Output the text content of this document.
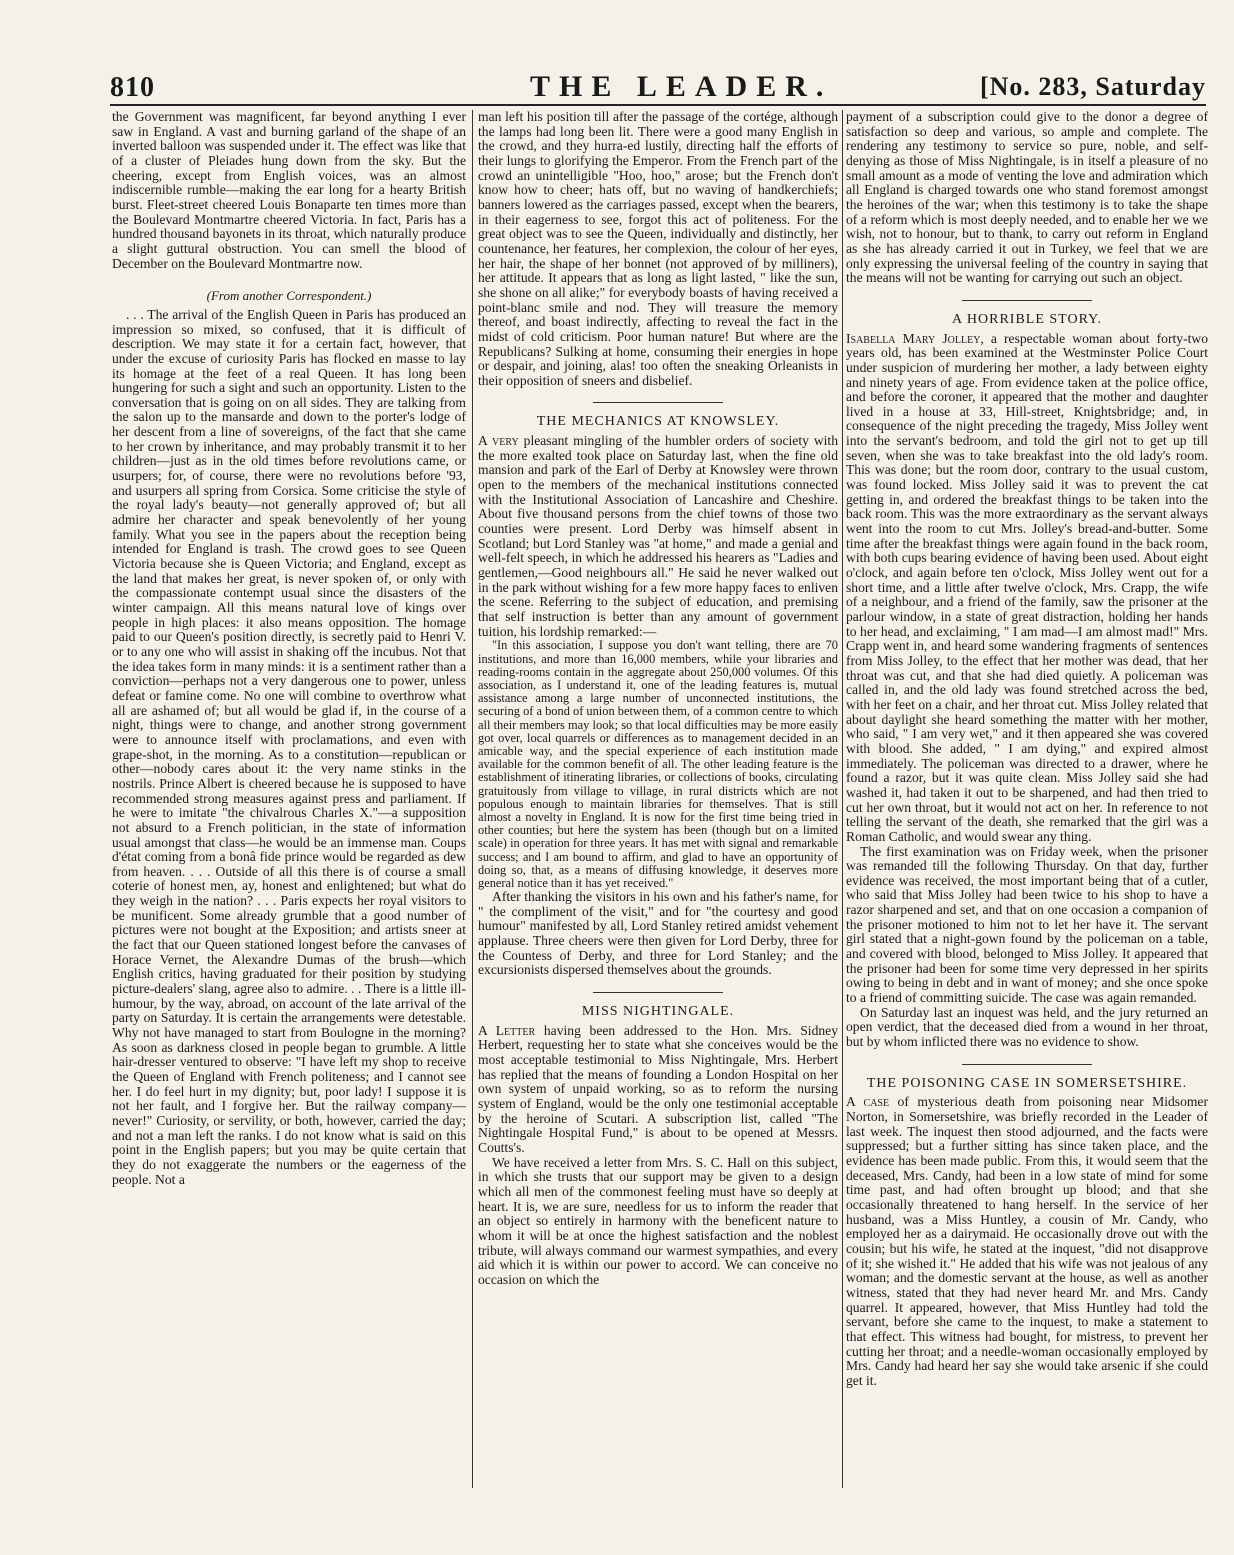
810	THE LEADER.	[No. 283, Saturday

the Government was magnificent, far beyond anything I ever saw in England. A vast and burning garland of the shape of an inverted balloon was suspended under it. The effect was like that of a cluster of Pleiades hung down from the sky. But the cheering, except from English voices, was an almost indiscernible rumble—making the ear long for a hearty British burst. Fleet-street cheered Louis Bonaparte ten times more than the Boulevard Montmartre cheered Victoria. In fact, Paris has a hundred thousand bayonets in its throat, which naturally produce a slight guttural obstruction. You can smell the blood of December on the Boulevard Montmartre now.

(From another Correspondent.)

. . . The arrival of the English Queen in Paris has produced an impression so mixed, so confused, that it is difficult of description. We may state it for a certain fact, however, that under the excuse of curiosity Paris has flocked en masse to lay its homage at the feet of a real Queen. It has long been hungering for such a sight and such an opportunity. Listen to the conversation that is going on on all sides. They are talking from the salon up to the mansarde and down to the porter's lodge of her descent from a line of sovereigns, of the fact that she came to her crown by inheritance, and may probably transmit it to her children—just as in the old times before revolutions came, or usurpers; for, of course, there were no revolutions before '93, and usurpers all spring from Corsica. Some criticise the style of the royal lady's beauty—not generally approved of; but all admire her character and speak benevolently of her young family. What you see in the papers about the reception being intended for England is trash. The crowd goes to see Queen Victoria because she is Queen Victoria; and England, except as the land that makes her great, is never spoken of, or only with the compassionate contempt usual since the disasters of the winter campaign. All this means natural love of kings over people in high places: it also means opposition. The homage paid to our Queen's position directly, is secretly paid to Henri V. or to any one who will assist in shaking off the incubus. Not that the idea takes form in many minds: it is a sentiment rather than a conviction—perhaps not a very dangerous one to power, unless defeat or famine come. No one will combine to overthrow what all are ashamed of; but all would be glad if, in the course of a night, things were to change, and another strong government were to announce itself with proclamations, and even with grape-shot, in the morning. As to a constitution—republican or other—nobody cares about it: the very name stinks in the nostrils. Prince Albert is cheered because he is supposed to have recommended strong measures against press and parliament. If he were to imitate "the chivalrous Charles X."—a supposition not absurd to a French politician, in the state of information usual amongst that class—he would be an immense man. Coups d'état coming from a bonâ fide prince would be regarded as dew from heaven. . . . Outside of all this there is of course a small coterie of honest men, ay, honest and enlightened; but what do they weigh in the nation? . . . Paris expects her royal visitors to be munificent. Some already grumble that a good number of pictures were not bought at the Exposition; and artists sneer at the fact that our Queen stationed longest before the canvases of Horace Vernet, the Alexandre Dumas of the brush—which English critics, having graduated for their position by studying picture-dealers' slang, agree also to admire. . . There is a little ill-humour, by the way, abroad, on account of the late arrival of the party on Saturday. It is certain the arrangements were detestable. Why not have managed to start from Boulogne in the morning? As soon as darkness closed in people began to grumble. A little hair-dresser ventured to observe: "I have left my shop to receive the Queen of England with French politeness; and I cannot see her. I do feel hurt in my dignity; but, poor lady! I suppose it is not her fault, and I forgive her. But the railway company—never!" Curiosity, or servility, or both, however, carried the day; and not a man left the ranks. I do not know what is said on this point in the English papers; but you may be quite certain that they do not exaggerate the numbers or the eagerness of the people. Not a

man left his position till after the passage of the cortége, although the lamps had long been lit. There were a good many English in the crowd, and they hurra-ed lustily, directing half the efforts of their lungs to glorifying the Emperor. From the French part of the crowd an unintelligible "Hoo, hoo," arose; but the French don't know how to cheer; hats off, but no waving of handkerchiefs; banners lowered as the carriages passed, except when the bearers, in their eagerness to see, forgot this act of politeness. For the great object was to see the Queen, individually and distinctly, her countenance, her features, her complexion, the colour of her eyes, her hair, the shape of her bonnet (not approved of by milliners), her attitude. It appears that as long as light lasted, " like the sun, she shone on all alike;" for everybody boasts of having received a point-blanc smile and nod. They will treasure the memory thereof, and boast indirectly, affecting to reveal the fact in the midst of cold criticism. Poor human nature! But where are the Republicans? Sulking at home, consuming their energies in hope or despair, and joining, alas! too often the sneaking Orleanists in their opposition of sneers and disbelief.

THE MECHANICS AT KNOWSLEY.

A very pleasant mingling of the humbler orders of society with the more exalted took place on Saturday last, when the fine old mansion and park of the Earl of Derby at Knowsley were thrown open to the members of the mechanical institutions connected with the Institutional Association of Lancashire and Cheshire. About five thousand persons from the chief towns of those two counties were present. Lord Derby was himself absent in Scotland; but Lord Stanley was "at home," and made a genial and well-felt speech, in which he addressed his hearers as "Ladies and gentlemen,—Good neighbours all." He said he never walked out in the park without wishing for a few more happy faces to enliven the scene. Referring to the subject of education, and premising that self instruction is better than any amount of government tuition, his lordship remarked:—

"In this association, I suppose you don't want telling, there are 70 institutions, and more than 16,000 members, while your libraries and reading-rooms contain in the aggregate about 250,000 volumes. Of this association, as I understand it, one of the leading features is, mutual assistance among a large number of unconnected institutions, the securing of a bond of union between them, of a common centre to which all their members may look; so that local difficulties may be more easily got over, local quarrels or differences as to management decided in an amicable way, and the special experience of each institution made available for the common benefit of all. The other leading feature is the establishment of itinerating libraries, or collections of books, circulating gratuitously from village to village, in rural districts which are not populous enough to maintain libraries for themselves. That is still almost a novelty in England. It is now for the first time being tried in other counties; but here the system has been (though but on a limited scale) in operation for three years. It has met with signal and remarkable success; and I am bound to affirm, and glad to have an opportunity of doing so, that, as a means of diffusing knowledge, it deserves more general notice than it has yet received."

After thanking the visitors in his own and his father's name, for " the compliment of the visit," and for "the courtesy and good humour" manifested by all, Lord Stanley retired amidst vehement applause. Three cheers were then given for Lord Derby, three for the Countess of Derby, and three for Lord Stanley; and the excursionists dispersed themselves about the grounds.

MISS NIGHTINGALE.

A Letter having been addressed to the Hon. Mrs. Sidney Herbert, requesting her to state what she conceives would be the most acceptable testimonial to Miss Nightingale, Mrs. Herbert has replied that the means of founding a London Hospital on her own system of unpaid working, so as to reform the nursing system of England, would be the only one testimonial acceptable by the heroine of Scutari. A subscription list, called "The Nightingale Hospital Fund," is about to be opened at Messrs. Coutts's.

We have received a letter from Mrs. S. C. Hall on this subject, in which she trusts that our support may be given to a design which all men of the commonest feeling must have so deeply at heart. It is, we are sure, needless for us to inform the reader that an object so entirely in harmony with the beneficent nature to whom it will be at once the highest satisfaction and the noblest tribute, will always command our warmest sympathies, and every aid which it is within our power to accord. We can conceive no occasion on which the

payment of a subscription could give to the donor a degree of satisfaction so deep and various, so ample and complete. The rendering any testimony to service so pure, noble, and self-denying as those of Miss Nightingale, is in itself a pleasure of no small amount as a mode of venting the love and admiration which all England is charged towards one who stand foremost amongst the heroines of the war; when this testimony is to take the shape of a reform which is most deeply needed, and to enable her we we wish, not to honour, but to thank, to carry out reform in England as she has already carried it out in Turkey, we feel that we are only expressing the universal feeling of the country in saying that the means will not be wanting for carrying out such an object.

A HORRIBLE STORY.

Isabella Mary Jolley, a respectable woman about forty-two years old, has been examined at the Westminster Police Court under suspicion of murdering her mother, a lady between eighty and ninety years of age. From evidence taken at the police office, and before the coroner, it appeared that the mother and daughter lived in a house at 33, Hill-street, Knightsbridge; and, in consequence of the night preceding the tragedy, Miss Jolley went into the servant's bedroom, and told the girl not to get up till seven, when she was to take breakfast into the old lady's room. This was done; but the room door, contrary to the usual custom, was found locked. Miss Jolley said it was to prevent the cat getting in, and ordered the breakfast things to be taken into the back room. This was the more extraordinary as the servant always went into the room to cut Mrs. Jolley's bread-and-butter. Some time after the breakfast things were again found in the back room, with both cups bearing evidence of having been used. About eight o'clock, and again before ten o'clock, Miss Jolley went out for a short time, and a little after twelve o'clock, Mrs. Crapp, the wife of a neighbour, and a friend of the family, saw the prisoner at the parlour window, in a state of great distraction, holding her hands to her head, and exclaiming, " I am mad—I am almost mad!" Mrs. Crapp went in, and heard some wandering fragments of sentences from Miss Jolley, to the effect that her mother was dead, that her throat was cut, and that she had died quietly. A policeman was called in, and the old lady was found stretched across the bed, with her feet on a chair, and her throat cut. Miss Jolley related that about daylight she heard something the matter with her mother, who said, " I am very wet," and it then appeared she was covered with blood. She added, " I am dying," and expired almost immediately. The policeman was directed to a drawer, where he found a razor, but it was quite clean. Miss Jolley said she had washed it, had taken it out to be sharpened, and had then tried to cut her own throat, but it would not act on her. In reference to not telling the servant of the death, she remarked that the girl was a Roman Catholic, and would swear any thing.

The first examination was on Friday week, when the prisoner was remanded till the following Thursday. On that day, further evidence was received, the most important being that of a cutler, who said that Miss Jolley had been twice to his shop to have a razor sharpened and set, and that on one occasion a companion of the prisoner motioned to him not to let her have it. The servant girl stated that a night-gown found by the policeman on a table, and covered with blood, belonged to Miss Jolley. It appeared that the prisoner had been for some time very depressed in her spirits owing to being in debt and in want of money; and she once spoke to a friend of committing suicide. The case was again remanded.

On Saturday last an inquest was held, and the jury returned an open verdict, that the deceased died from a wound in her throat, but by whom inflicted there was no evidence to show.

THE POISONING CASE IN SOMERSETSHIRE.

A case of mysterious death from poisoning near Midsomer Norton, in Somersetshire, was briefly recorded in the Leader of last week. The inquest then stood adjourned, and the facts were suppressed; but a further sitting has since taken place, and the evidence has been made public. From this, it would seem that the deceased, Mrs. Candy, had been in a low state of mind for some time past, and had often brought up blood; and that she occasionally threatened to hang herself. In the service of her husband, was a Miss Huntley, a cousin of Mr. Candy, who employed her as a dairymaid. He occasionally drove out with the cousin; but his wife, he stated at the inquest, "did not disapprove of it; she wished it." He added that his wife was not jealous of any woman; and the domestic servant at the house, as well as another witness, stated that they had never heard Mr. and Mrs. Candy quarrel. It appeared, however, that Miss Huntley had told the servant, before she came to the inquest, to make a statement to that effect. This witness had bought, for mistress, to prevent her cutting her throat; and a needle-woman occasionally employed by Mrs. Candy had heard her say she would take arsenic if she could get it.
